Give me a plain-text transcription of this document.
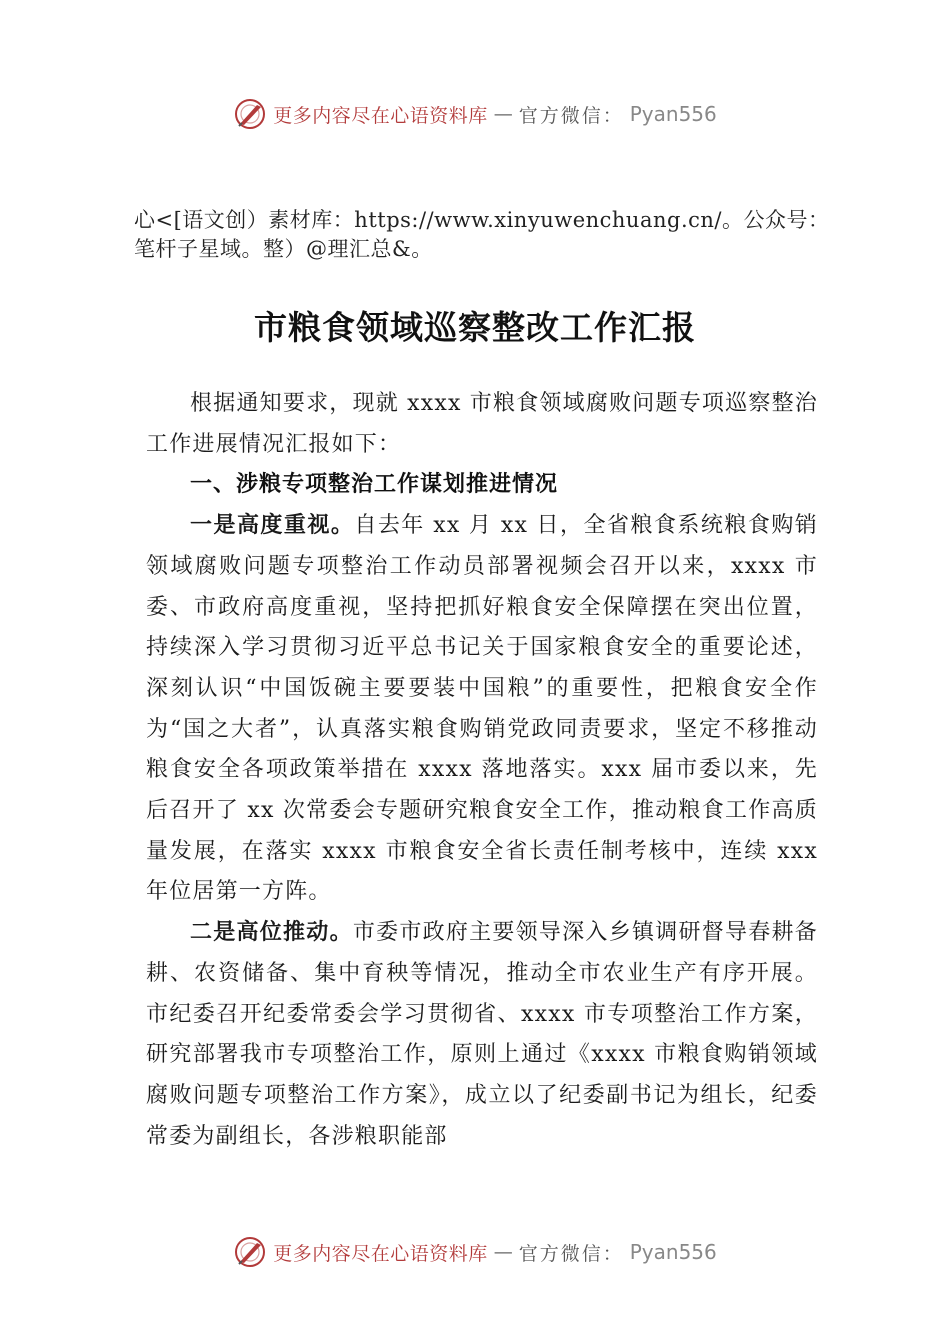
更多内容尽在心语资料库 — 官方微信： Pyan556
心<[语文创）素材库：https://www.xinyuwenchuang.cn/。公众号：笔杆子星域。整）@理汇总&。
市粮食领域巡察整改工作汇报

根据通知要求，现就 xxxx 市粮食领域腐败问题专项巡察整治工作进展情况汇报如下：

一、涉粮专项整治工作谋划推进情况

一是高度重视。自去年 xx 月 xx 日，全省粮食系统粮食购销领域腐败问题专项整治工作动员部署视频会召开以来，xxxx 市委、市政府高度重视，坚持把抓好粮食安全保障摆在突出位置，持续深入学习贯彻习近平总书记关于国家粮食安全的重要论述，深刻认识“中国饭碗主要要装中国粮”的重要性，把粮食安全作为“国之大者”，认真落实粮食购销党政同责要求，坚定不移推动粮食安全各项政策举措在 xxxx 落地落实。xxx 届市委以来，先后召开了 xx 次常委会专题研究粮食安全工作，推动粮食工作高质量发展，在落实 xxxx 市粮食安全省长责任制考核中，连续 xxx 年位居第一方阵。

二是高位推动。市委市政府主要领导深入乡镇调研督导春耕备耕、农资储备、集中育秧等情况，推动全市农业生产有序开展。市纪委召开纪委常委会学习贯彻省、xxxx 市专项整治工作方案，研究部署我市专项整治工作，原则上通过《xxxx 市粮食购销领域腐败问题专项整治工作方案》，成立以了纪委副书记为组长，纪委常委为副组长，各涉粮职能部

更多内容尽在心语资料库 — 官方微信： Pyan556
